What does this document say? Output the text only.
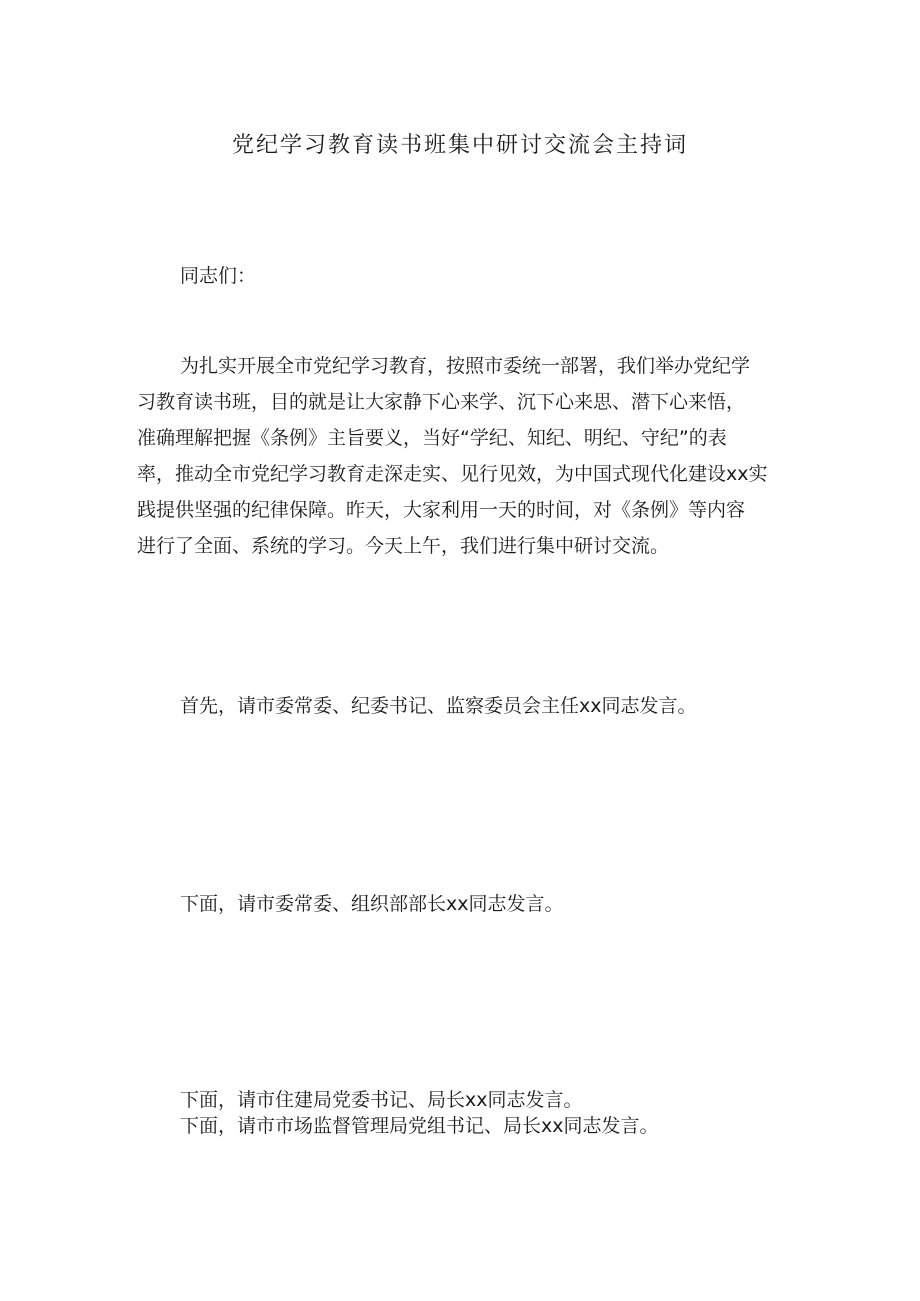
党纪学习教育读书班集中研讨交流会主持词
同志们：
为扎实开展全市党纪学习教育，按照市委统一部署，我们举办党纪学
习教育读书班，目的就是让大家静下心来学、沉下心来思、潜下心来悟，
准确理解把握《条例》主旨要义，当好“学纪、知纪、明纪、守纪”的表
率，推动全市党纪学习教育走深走实、见行见效，为中国式现代化建设xx实
践提供坚强的纪律保障。昨天，大家利用一天的时间，对《条例》等内容
进行了全面、系统的学习。今天上午，我们进行集中研讨交流。
首先，请市委常委、纪委书记、监察委员会主任xx同志发言。
下面，请市委常委、组织部部长xx同志发言。
下面，请市住建局党委书记、局长xx同志发言。
下面，请市市场监督管理局党组书记、局长xx同志发言。
